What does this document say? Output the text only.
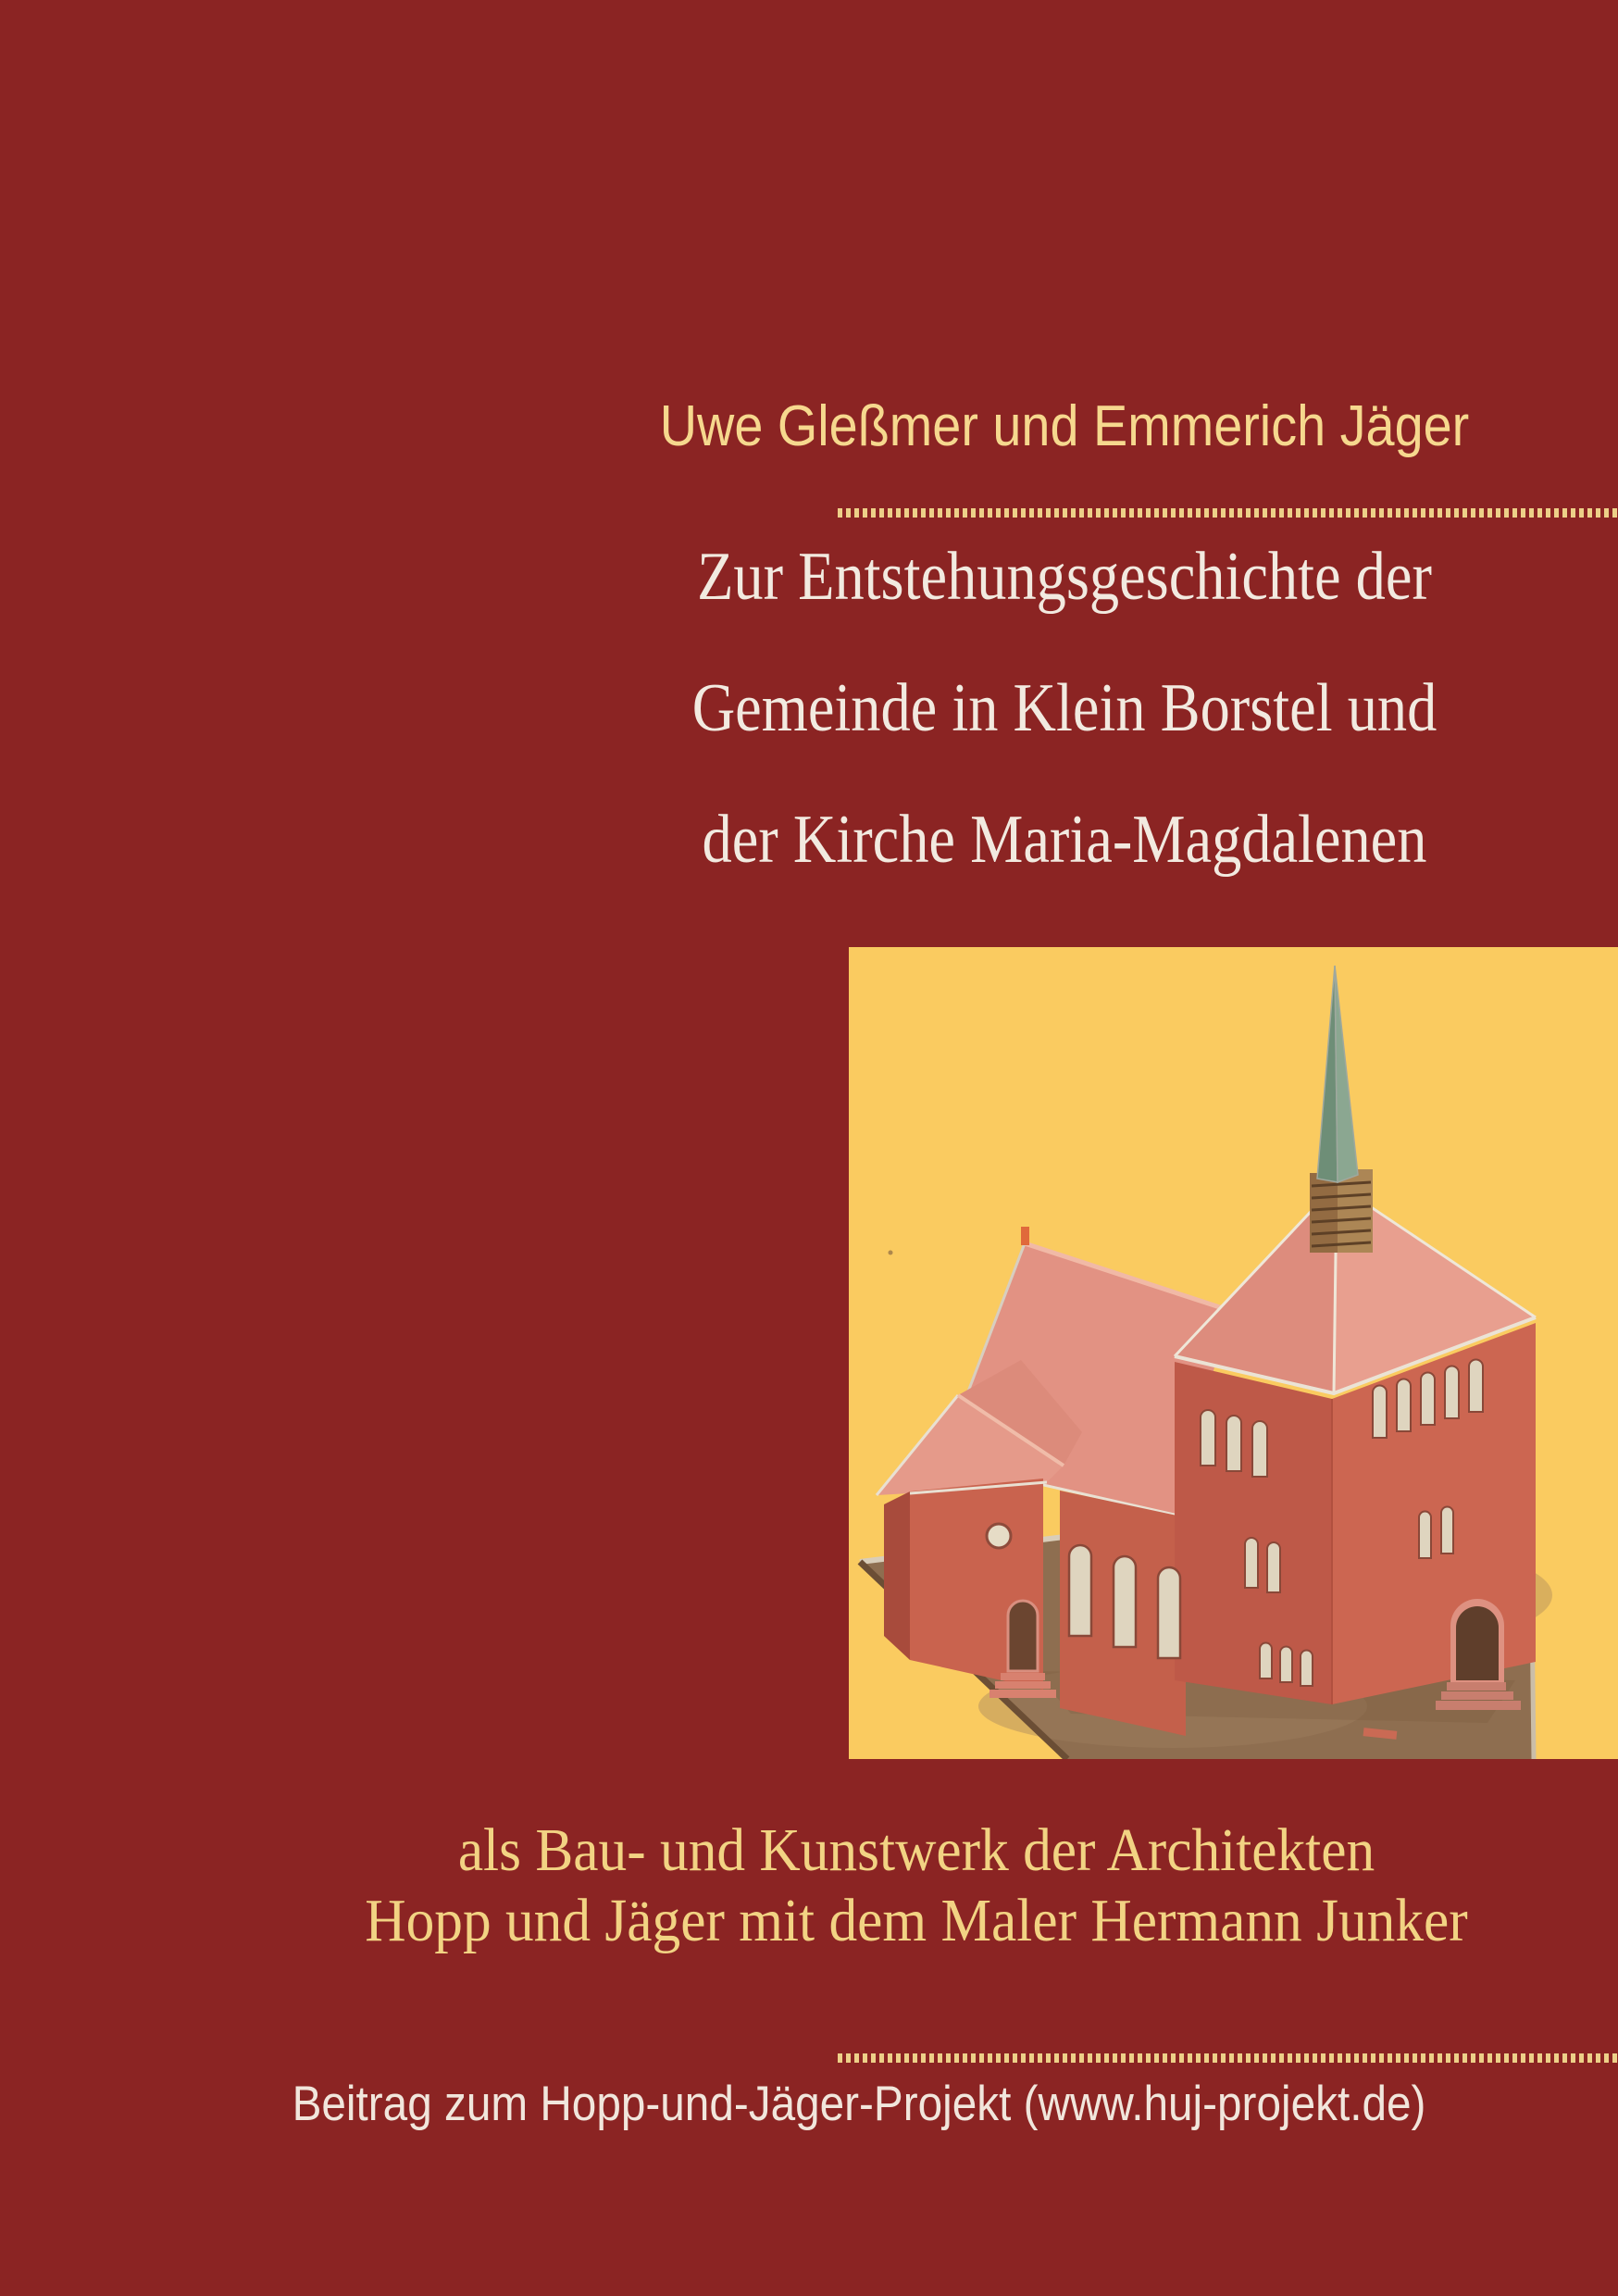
Uwe Gleßmer und Emmerich Jäger
Zur Entstehungsgeschichte der
Gemeinde in Klein Borstel und
der Kirche Maria-Magdalenen
als Bau- und Kunstwerk der Architekten
Hopp und Jäger mit dem Maler Hermann Junker
Beitrag zum Hopp-und-Jäger-Projekt (www.huj-projekt.de)
